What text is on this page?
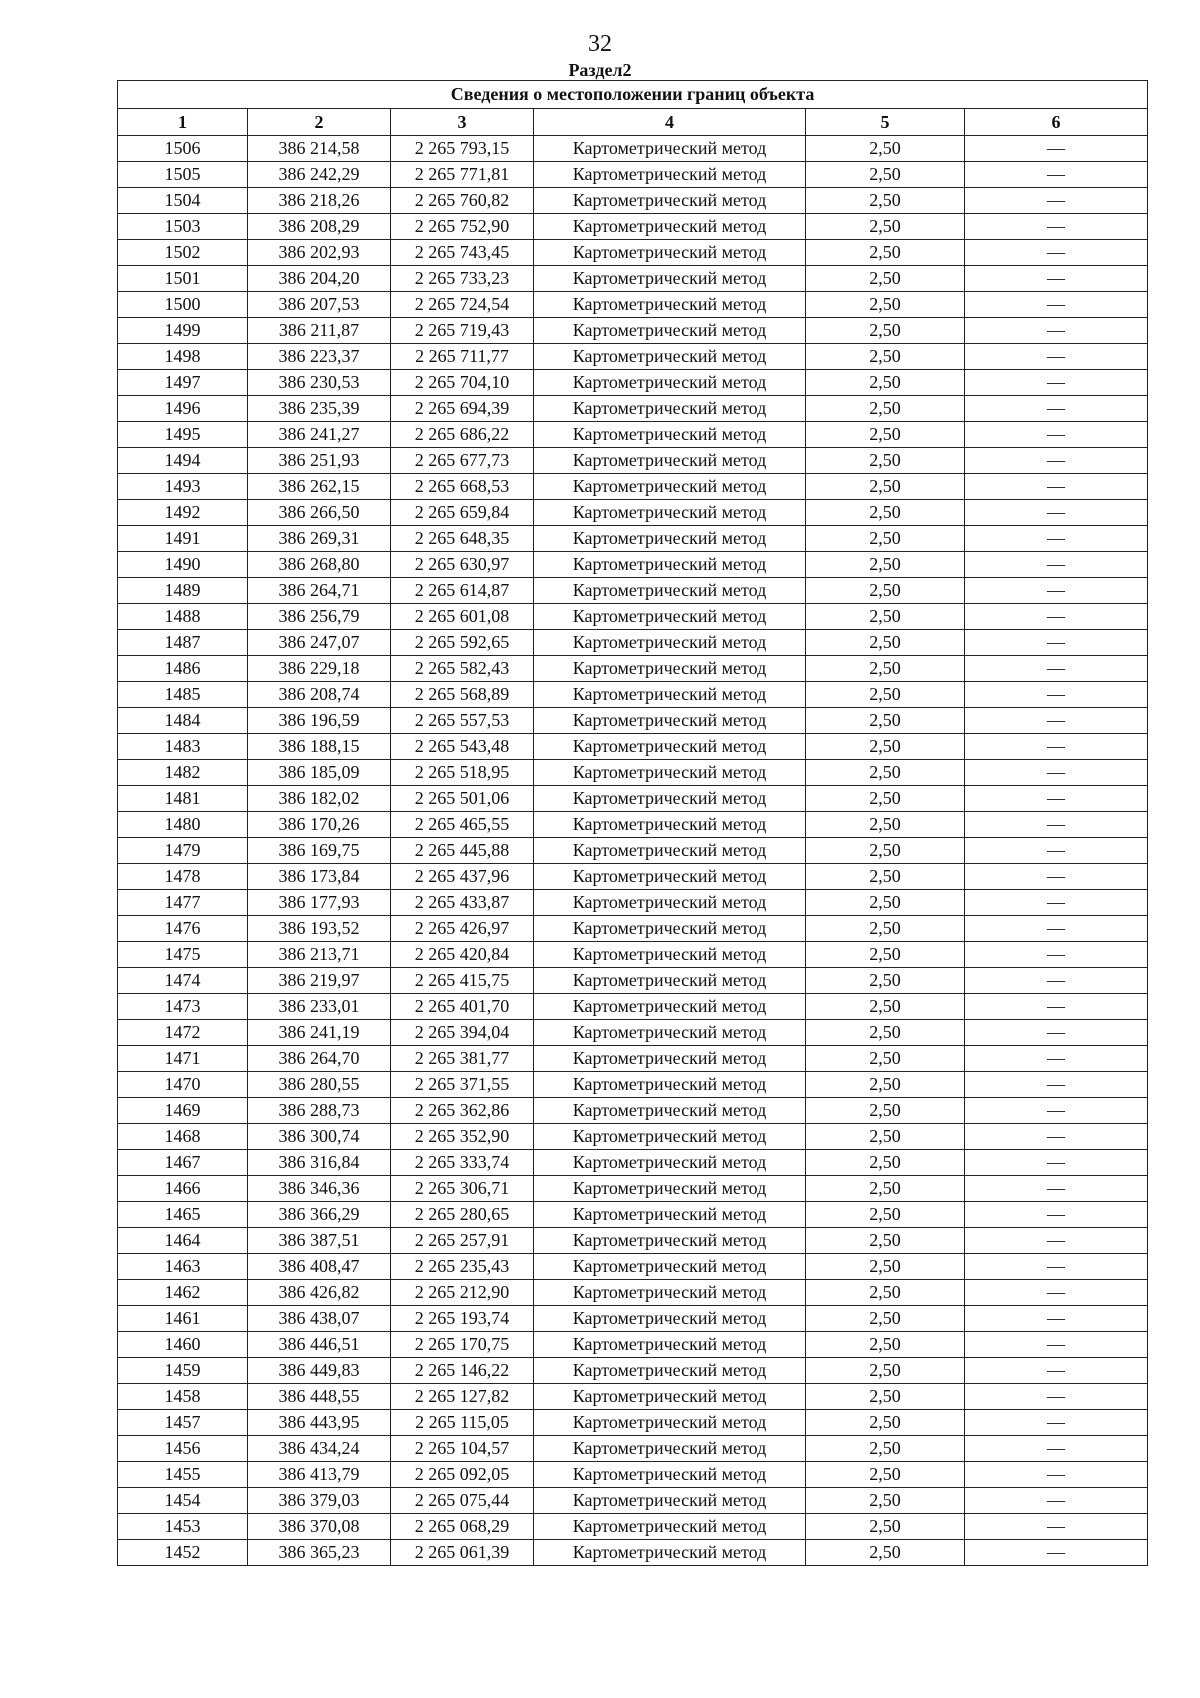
32
Раздел2
Сведения о местоположении границ объекта					
1	2	3	4	5	6
1506	386 214,58	2 265 793,15	Картометрический метод	2,50	—
1505	386 242,29	2 265 771,81	Картометрический метод	2,50	—
1504	386 218,26	2 265 760,82	Картометрический метод	2,50	—
1503	386 208,29	2 265 752,90	Картометрический метод	2,50	—
1502	386 202,93	2 265 743,45	Картометрический метод	2,50	—
1501	386 204,20	2 265 733,23	Картометрический метод	2,50	—
1500	386 207,53	2 265 724,54	Картометрический метод	2,50	—
1499	386 211,87	2 265 719,43	Картометрический метод	2,50	—
1498	386 223,37	2 265 711,77	Картометрический метод	2,50	—
1497	386 230,53	2 265 704,10	Картометрический метод	2,50	—
1496	386 235,39	2 265 694,39	Картометрический метод	2,50	—
1495	386 241,27	2 265 686,22	Картометрический метод	2,50	—
1494	386 251,93	2 265 677,73	Картометрический метод	2,50	—
1493	386 262,15	2 265 668,53	Картометрический метод	2,50	—
1492	386 266,50	2 265 659,84	Картометрический метод	2,50	—
1491	386 269,31	2 265 648,35	Картометрический метод	2,50	—
1490	386 268,80	2 265 630,97	Картометрический метод	2,50	—
1489	386 264,71	2 265 614,87	Картометрический метод	2,50	—
1488	386 256,79	2 265 601,08	Картометрический метод	2,50	—
1487	386 247,07	2 265 592,65	Картометрический метод	2,50	—
1486	386 229,18	2 265 582,43	Картометрический метод	2,50	—
1485	386 208,74	2 265 568,89	Картометрический метод	2,50	—
1484	386 196,59	2 265 557,53	Картометрический метод	2,50	—
1483	386 188,15	2 265 543,48	Картометрический метод	2,50	—
1482	386 185,09	2 265 518,95	Картометрический метод	2,50	—
1481	386 182,02	2 265 501,06	Картометрический метод	2,50	—
1480	386 170,26	2 265 465,55	Картометрический метод	2,50	—
1479	386 169,75	2 265 445,88	Картометрический метод	2,50	—
1478	386 173,84	2 265 437,96	Картометрический метод	2,50	—
1477	386 177,93	2 265 433,87	Картометрический метод	2,50	—
1476	386 193,52	2 265 426,97	Картометрический метод	2,50	—
1475	386 213,71	2 265 420,84	Картометрический метод	2,50	—
1474	386 219,97	2 265 415,75	Картометрический метод	2,50	—
1473	386 233,01	2 265 401,70	Картометрический метод	2,50	—
1472	386 241,19	2 265 394,04	Картометрический метод	2,50	—
1471	386 264,70	2 265 381,77	Картометрический метод	2,50	—
1470	386 280,55	2 265 371,55	Картометрический метод	2,50	—
1469	386 288,73	2 265 362,86	Картометрический метод	2,50	—
1468	386 300,74	2 265 352,90	Картометрический метод	2,50	—
1467	386 316,84	2 265 333,74	Картометрический метод	2,50	—
1466	386 346,36	2 265 306,71	Картометрический метод	2,50	—
1465	386 366,29	2 265 280,65	Картометрический метод	2,50	—
1464	386 387,51	2 265 257,91	Картометрический метод	2,50	—
1463	386 408,47	2 265 235,43	Картометрический метод	2,50	—
1462	386 426,82	2 265 212,90	Картометрический метод	2,50	—
1461	386 438,07	2 265 193,74	Картометрический метод	2,50	—
1460	386 446,51	2 265 170,75	Картометрический метод	2,50	—
1459	386 449,83	2 265 146,22	Картометрический метод	2,50	—
1458	386 448,55	2 265 127,82	Картометрический метод	2,50	—
1457	386 443,95	2 265 115,05	Картометрический метод	2,50	—
1456	386 434,24	2 265 104,57	Картометрический метод	2,50	—
1455	386 413,79	2 265 092,05	Картометрический метод	2,50	—
1454	386 379,03	2 265 075,44	Картометрический метод	2,50	—
1453	386 370,08	2 265 068,29	Картометрический метод	2,50	—
1452	386 365,23	2 265 061,39	Картометрический метод	2,50	—
